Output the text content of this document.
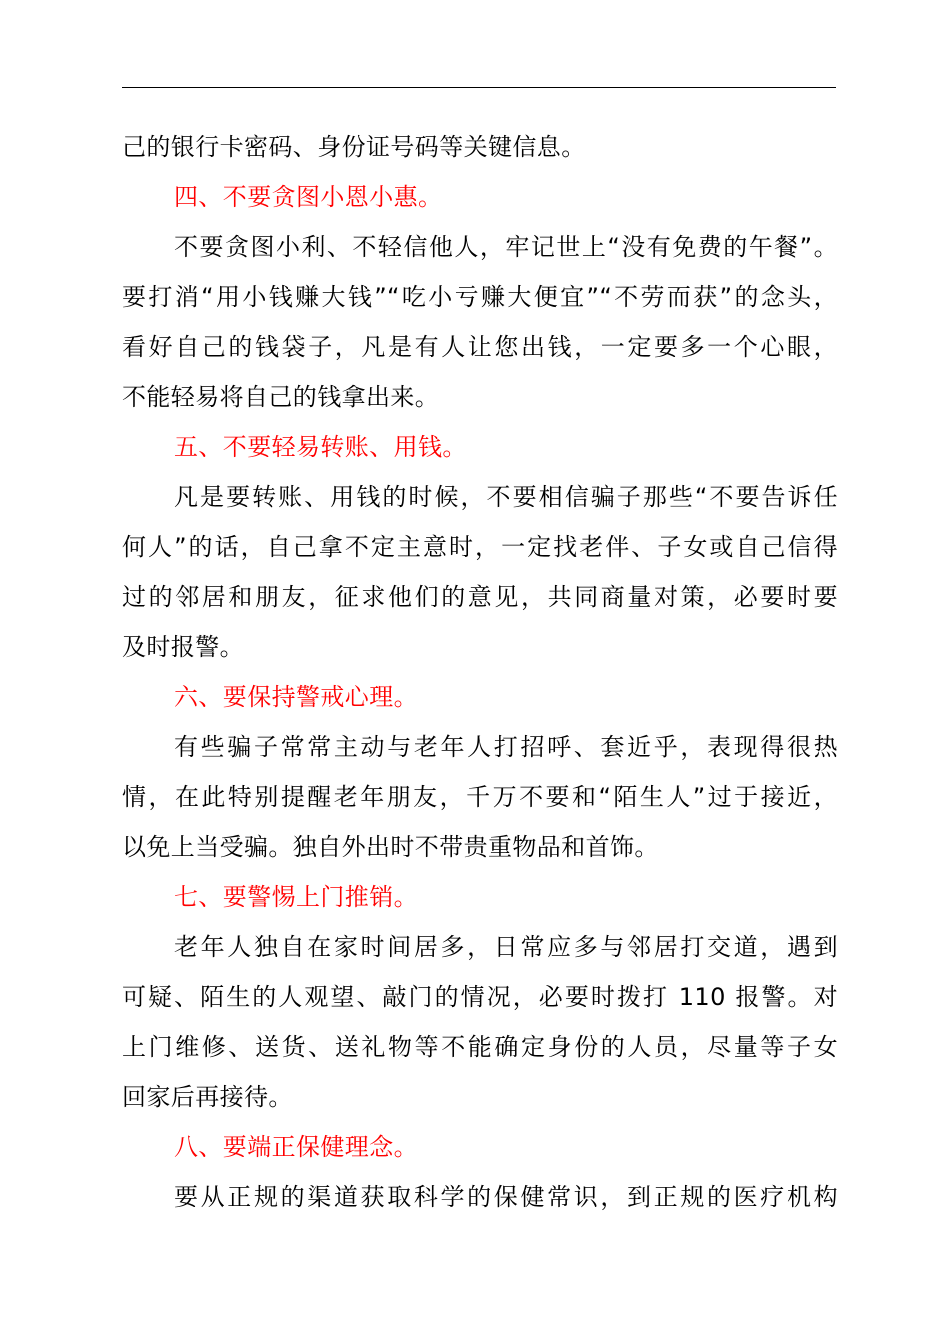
己的银行卡密码、身份证号码等关键信息。
四、不要贪图小恩小惠。
不要贪图小利、不轻信他人，牢记世上“没有免费的午餐”。
要打消“用小钱赚大钱”“吃小亏赚大便宜”“不劳而获”的念头，
看好自己的钱袋子，凡是有人让您出钱，一定要多一个心眼，
不能轻易将自己的钱拿出来。
五、不要轻易转账、用钱。
凡是要转账、用钱的时候，不要相信骗子那些“不要告诉任
何人”的话，自己拿不定主意时，一定找老伴、子女或自己信得
过的邻居和朋友，征求他们的意见，共同商量对策，必要时要
及时报警。
六、要保持警戒心理。
有些骗子常常主动与老年人打招呼、套近乎，表现得很热
情，在此特别提醒老年朋友，千万不要和“陌生人”过于接近，
以免上当受骗。独自外出时不带贵重物品和首饰。
七、要警惕上门推销。
老年人独自在家时间居多，日常应多与邻居打交道，遇到
可疑、陌生的人观望、敲门的情况，必要时拨打 110 报警。对
上门维修、送货、送礼物等不能确定身份的人员，尽量等子女
回家后再接待。
八、要端正保健理念。
要从正规的渠道获取科学的保健常识，到正规的医疗机构
